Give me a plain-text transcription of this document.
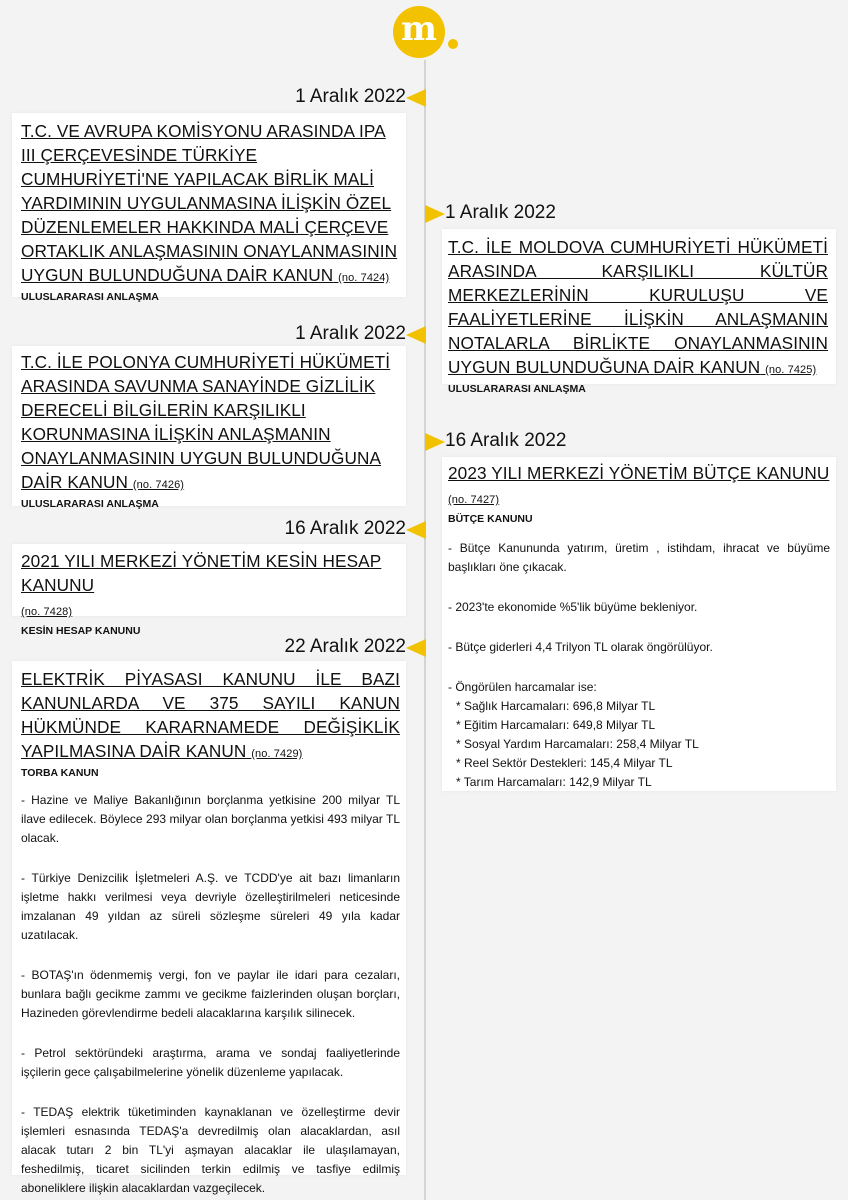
m
1 Aralık 2022
T.C. VE AVRUPA KOMİSYONU ARASINDA IPA III ÇERÇEVESİNDE TÜRKİYE CUMHURİYETİ'NE YAPILACAK BİRLİK MALİ YARDIMININ UYGULANMASINA İLİŞKİN ÖZEL DÜZENLEMELER HAKKINDA MALİ ÇERÇEVE ORTAKLIK ANLAŞMASININ ONAYLANMASININ UYGUN BULUNDUĞUNA DAİR KANUN (no. 7424)
ULUSLARARASI ANLAŞMA
1 Aralık 2022
T.C. İLE MOLDOVA CUMHURİYETİ HÜKÜMETİ ARASINDA KARŞILIKLI KÜLTÜR MERKEZLERİNİN KURULUŞU VE FAALİYETLERİNE İLİŞKİN ANLAŞMANIN NOTALARLA BİRLİKTE ONAYLANMASININ UYGUN BULUNDUĞUNA DAİR KANUN (no. 7425)
ULUSLARARASI ANLAŞMA
1 Aralık 2022
T.C. İLE POLONYA CUMHURİYETİ HÜKÜMETİ ARASINDA SAVUNMA SANAYİNDE GİZLİLİK DERECELİ BİLGİLERİN KARŞILIKLI KORUNMASINA İLİŞKİN ANLAŞMANIN ONAYLANMASININ UYGUN BULUNDUĞUNA DAİR KANUN (no. 7426)
ULUSLARARASI ANLAŞMA
16 Aralık 2022
2023 YILI MERKEZİ YÖNETİM BÜTÇE KANUNU (no. 7427)
BÜTÇE KANUNU

- Bütçe Kanununda yatırım, üretim , istihdam, ihracat ve büyüme başlıkları öne çıkacak.

- 2023'te ekonomide %5'lik büyüme bekleniyor.

- Bütçe giderleri 4,4 Trilyon TL olarak öngörülüyor.

- Öngörülen harcamalar ise:

* Sağlık Harcamaları: 696,8 Milyar TL
* Eğitim Harcamaları: 649,8 Milyar TL
* Sosyal Yardım Harcamaları: 258,4 Milyar TL
* Reel Sektör Destekleri: 145,4 Milyar TL
* Tarım Harcamaları: 142,9 Milyar TL
16 Aralık 2022
2021 YILI MERKEZİ YÖNETİM KESİN HESAP KANUNU
(no. 7428)
KESİN HESAP KANUNU
22 Aralık 2022
ELEKTRİK PİYASASI KANUNU İLE BAZI KANUNLARDA VE 375 SAYILI KANUN HÜKMÜNDE KARARNAMEDE DEĞİŞİKLİK YAPILMASINA DAİR KANUN (no. 7429)
TORBA KANUN

- Hazine ve Maliye Bakanlığının borçlanma yetkisine 200 milyar TL ilave edilecek. Böylece 293 milyar olan borçlanma yetkisi 493 milyar TL olacak.

- Türkiye Denizcilik İşletmeleri A.Ş. ve TCDD'ye ait bazı limanların işletme hakkı verilmesi veya devriyle özelleştirilmeleri neticesinde imzalanan 49 yıldan az süreli sözleşme süreleri 49 yıla kadar uzatılacak.

- BOTAŞ'ın ödenmemiş vergi, fon ve paylar ile idari para cezaları, bunlara bağlı gecikme zammı ve gecikme faizlerinden oluşan borçları, Hazineden görevlendirme bedeli alacaklarına karşılık silinecek.

- Petrol sektöründeki araştırma, arama ve sondaj faaliyetlerinde işçilerin gece çalışabilmelerine yönelik düzenleme yapılacak.

- TEDAŞ elektrik tüketiminden kaynaklanan ve özelleştirme devir işlemleri esnasında TEDAŞ'a devredilmiş olan alacaklardan, asıl alacak tutarı 2 bin TL'yi aşmayan alacaklar ile ulaşılamayan, feshedilmiş, ticaret sicilinden terkin edilmiş ve tasfiye edilmiş aboneliklere ilişkin alacaklardan vazgeçilecek.
